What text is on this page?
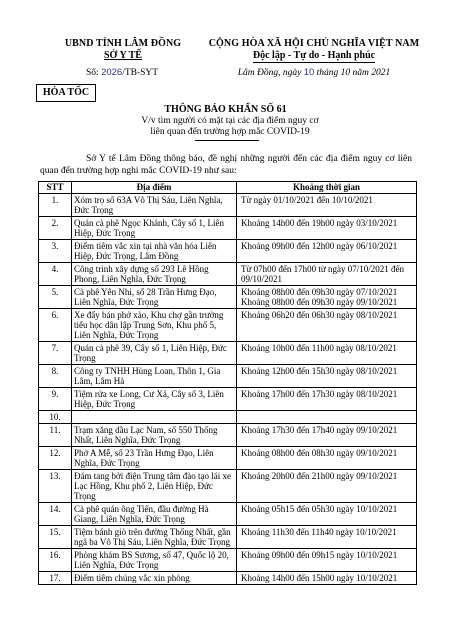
UBND TỈNH LÂM ĐỒNG
SỞ Y TẾ
Số: 2026/TB-SYT
CỘNG HÒA XÃ HỘI CHỦ NGHĨA VIỆT NAM
Độc lập - Tự do - Hạnh phúc
Lâm Đồng, ngày 10 tháng 10 năm 2021
HỎA TỐC
THÔNG BÁO KHẨN SỐ 61
V/v tìm người có mặt tại các địa điểm nguy cơ liên quan đến trường hợp mắc COVID-19
Sở Y tế Lâm Đồng thông báo, đề nghị những người đến các địa điểm nguy cơ liên quan đến trường hợp nghi mắc COVID-19 như sau:
STT	Địa điểm	Khoảng thời gian
1.	Xóm trọ số 63A Võ Thị Sáu, Liên Nghĩa, Đức Trọng	Từ ngày 01/10/2021 đến 10/10/2021

2.	Quán cà phê Ngọc Khánh, Cây số 1, Liên Hiệp, Đức Trọng	Khoảng 14h00 đến 19h00 ngày 03/10/2021

3.	Điểm tiêm vắc xin tại nhà văn hóa Liên Hiệp, Đức Trọng, Lâm Đồng	Khoảng 09h00 đến 12h00 ngày 06/10/2021

4.	Công trình xây dựng số 293 Lê Hồng Phong, Liên Nghĩa, Đức Trọng	Từ 07h00 đến 17h00 từ ngày 07/10/2021 đến 09/10/2021

5.	Cà phê Yên Nhi, số 28 Trần Hưng Đạo, Liên Nghĩa, Đức Trọng	Khoảng 08h00 đến 09h30 ngày 07/10/2021
Khoảng 08h00 đến 09h30 ngày 09/10/2021

6.	Xe đẩy bán phở xào, Khu chợ gần trường tiểu học dân lập Trung Sơn, Khu phố 5, Liên Nghĩa, Đức Trọng	Khoảng 06h20 đến 06h30 ngày 08/10/2021

7.	Quán cà phê 39, Cây số 1, Liên Hiệp, Đức Trọng	Khoảng 10h00 đến 11h00 ngày 08/10/2021

8.	Công ty TNHH Hùng Loan, Thôn 1, Gia Lâm, Lâm Hà	Khoảng 12h00 đến 15h30 ngày 08/10/2021

9.	Tiệm rửa xe Long, Cư Xá, Cây số 3, Liên Hiệp, Đức Trọng	Khoảng 17h00 đến 17h30 ngày 08/10/2021

10.		

11.	Trạm xăng dầu Lạc Nam, số 550 Thống Nhất, Liên Nghĩa, Đức Trọng	Khoảng 17h30 đến 17h40 ngày 09/10/2021

12.	Phở A Mễ, số 23 Trần Hưng Đạo, Liên Nghĩa, Đức Trọng	Khoảng 08h00 đến 08h30 ngày 09/10/2021

13.	Đám tang bởi điện Trung tâm đào tạo lái xe Lạc Hồng, Khu phố 2, Liên Hiệp, Đức Trọng	Khoảng 20h00 đến 21h00 ngày 09/10/2021

14.	Cà phê quán ông Tiến, đầu đường Hà Giang, Liên Nghĩa, Đức Trọng	Khoảng 05h15 đến 05h30 ngày 10/10/2021

15.	Tiệm bánh giò trên đường Thống Nhất, gần ngã ba Võ Thị Sáu, Liên Nghĩa, Đức Trọng	Khoảng 11h30 đến 11h40 ngày 10/10/2021

16.	Phòng khám BS Sương, số 47, Quốc lộ 20, Liên Nghĩa, Đức Trọng	Khoảng 09h00 đến 09h15 ngày 10/10/2021

17.	Điểm tiêm chủng vắc xin phòng	Khoảng 14h00 đến 15h00 ngày 10/10/2021
